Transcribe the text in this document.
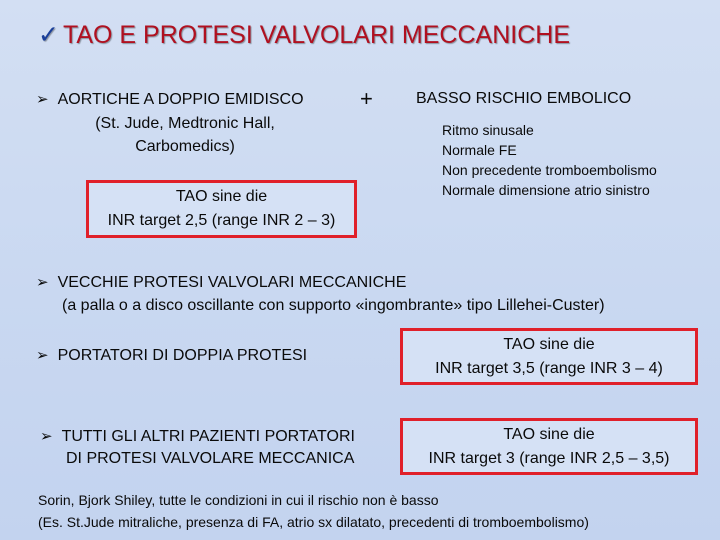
✓ TAO E PROTESI VALVOLARI MECCANICHE
➢ AORTICHE A DOPPIO EMIDISCO
(St. Jude, Medtronic Hall,
Carbomedics)
+	BASSO RISCHIO EMBOLICO
Ritmo sinusale
Normale FE
Non precedente tromboembolismo
Normale dimensione atrio sinistro
TAO sine die
INR target 2,5 (range INR 2 – 3)
➢ VECCHIE PROTESI VALVOLARI MECCANICHE
(a palla o a disco oscillante con supporto «ingombrante» tipo Lillehei-Custer)
➢ PORTATORI DI DOPPIA PROTESI
TAO sine die
INR target 3,5 (range INR 3 – 4)
➢ TUTTI GLI ALTRI PAZIENTI PORTATORI
DI PROTESI VALVOLARE MECCANICA
TAO sine die
INR target 3 (range INR 2,5 – 3,5)
Sorin, Bjork Shiley, tutte le condizioni in cui il rischio non è basso
(Es. St.Jude mitraliche, presenza di FA, atrio sx dilatato, precedenti di tromboembolismo)
